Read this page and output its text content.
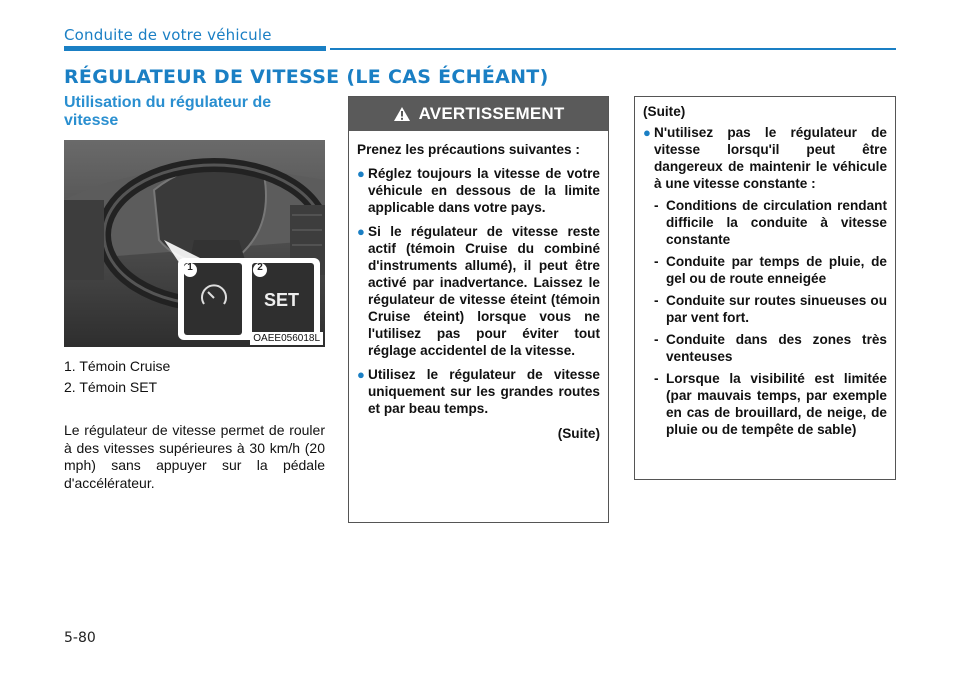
Conduite de votre véhicule
RÉGULATEUR DE VITESSE (LE CAS ÉCHÉANT)
Utilisation du régulateur de vitesse
1	2
SET
OAEE056018L
1. Témoin Cruise
2. Témoin SET
Le régulateur de vitesse permet de rouler à des vitesses supérieures à 30 km/h (20 mph) sans appuyer sur la pédale d'accélérateur.
AVERTISSEMENT
Prenez les précautions suivantes :
● Réglez toujours la vitesse de votre véhicule en dessous de la limite applicable dans votre pays.
● Si le régulateur de vitesse reste actif (témoin Cruise du combiné d'instruments allumé), il peut être activé par inadvertance. Laissez le régulateur de vitesse éteint (témoin Cruise éteint) lorsque vous ne l'utilisez pas pour éviter tout réglage accidentel de la vitesse.
● Utilisez le régulateur de vitesse uniquement sur les grandes routes et par beau temps.
(Suite)
(Suite)
● N'utilisez pas le régulateur de vitesse lorsqu'il peut être dangereux de maintenir le véhicule à une vitesse constante :
- Conditions de circulation rendant difficile la conduite à vitesse constante
- Conduite par temps de pluie, de gel ou de route enneigée
- Conduite sur routes sinueuses ou par vent fort.
- Conduite dans des zones très venteuses
- Lorsque la visibilité est limitée (par mauvais temps, par exemple en cas de brouillard, de neige, de pluie ou de tempête de sable)
5-80
